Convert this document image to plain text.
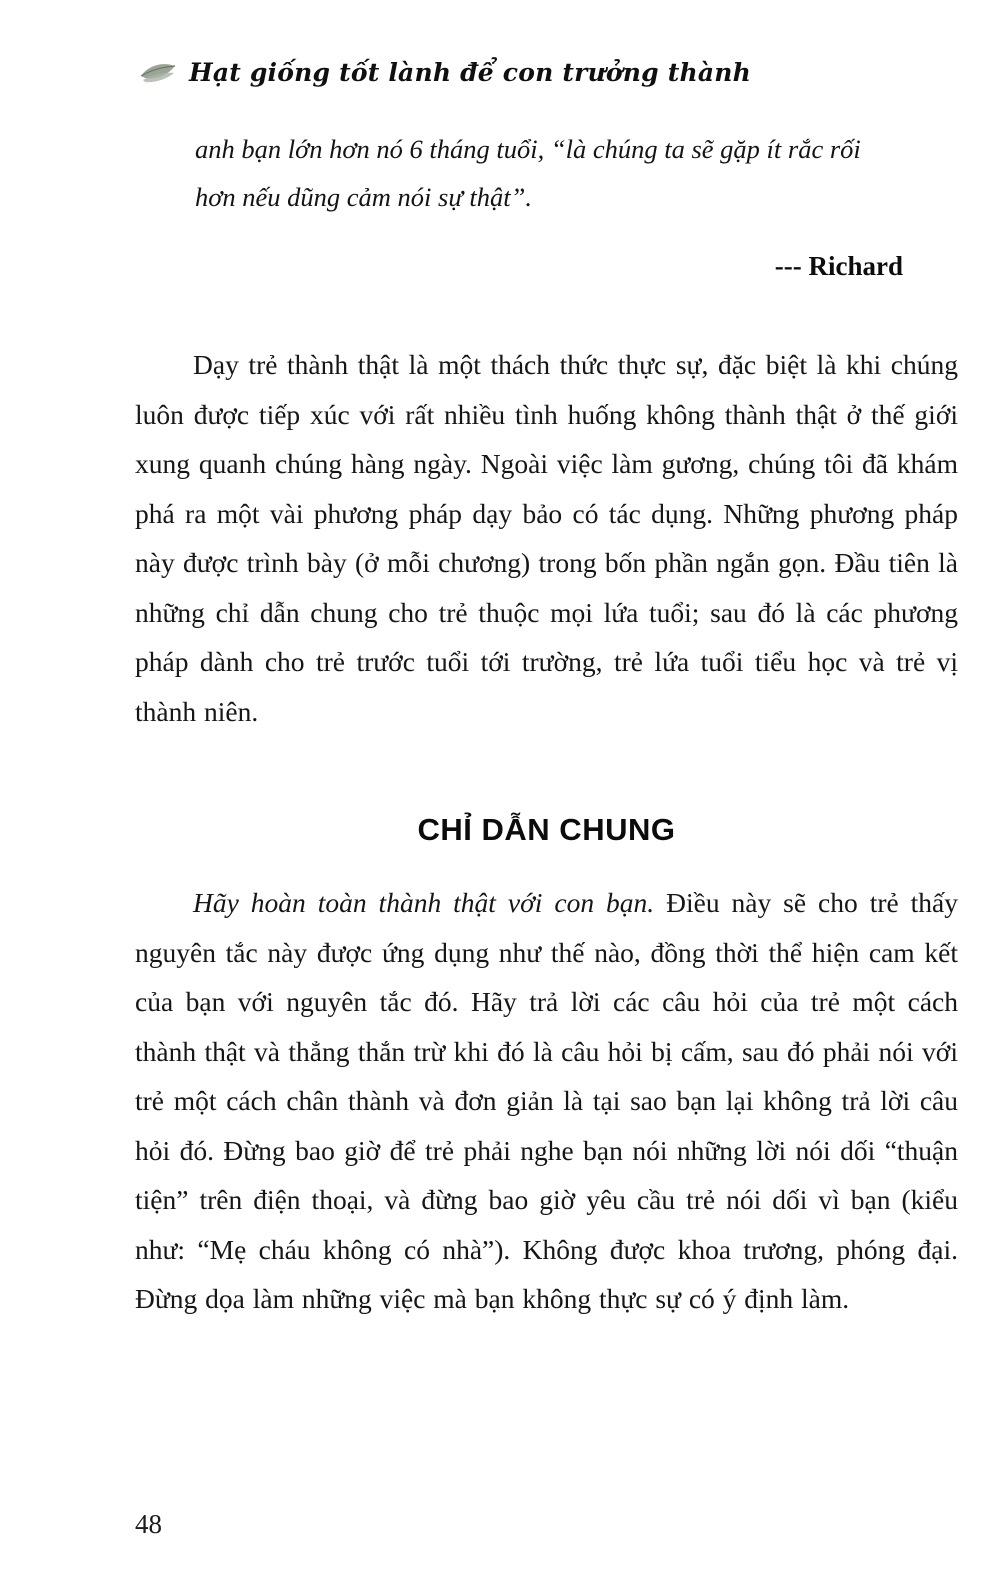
Hạt giống tốt lành để con trưởng thành

anh bạn lớn hơn nó 6 tháng tuổi, “là chúng ta sẽ gặp ít rắc rối hơn nếu dũng cảm nói sự thật”.

--- Richard

Dạy trẻ thành thật là một thách thức thực sự, đặc biệt là khi chúng luôn được tiếp xúc với rất nhiều tình huống không thành thật ở thế giới xung quanh chúng hàng ngày. Ngoài việc làm gương, chúng tôi đã khám phá ra một vài phương pháp dạy bảo có tác dụng. Những phương pháp này được trình bày (ở mỗi chương) trong bốn phần ngắn gọn. Đầu tiên là những chỉ dẫn chung cho trẻ thuộc mọi lứa tuổi; sau đó là các phương pháp dành cho trẻ trước tuổi tới trường, trẻ lứa tuổi tiểu học và trẻ vị thành niên.

CHỈ DẪN CHUNG

Hãy hoàn toàn thành thật với con bạn. Điều này sẽ cho trẻ thấy nguyên tắc này được ứng dụng như thế nào, đồng thời thể hiện cam kết của bạn với nguyên tắc đó. Hãy trả lời các câu hỏi của trẻ một cách thành thật và thẳng thắn trừ khi đó là câu hỏi bị cấm, sau đó phải nói với trẻ một cách chân thành và đơn giản là tại sao bạn lại không trả lời câu hỏi đó. Đừng bao giờ để trẻ phải nghe bạn nói những lời nói dối “thuận tiện” trên điện thoại, và đừng bao giờ yêu cầu trẻ nói dối vì bạn (kiểu như: “Mẹ cháu không có nhà”). Không được khoa trương, phóng đại. Đừng dọa làm những việc mà bạn không thực sự có ý định làm.

48
